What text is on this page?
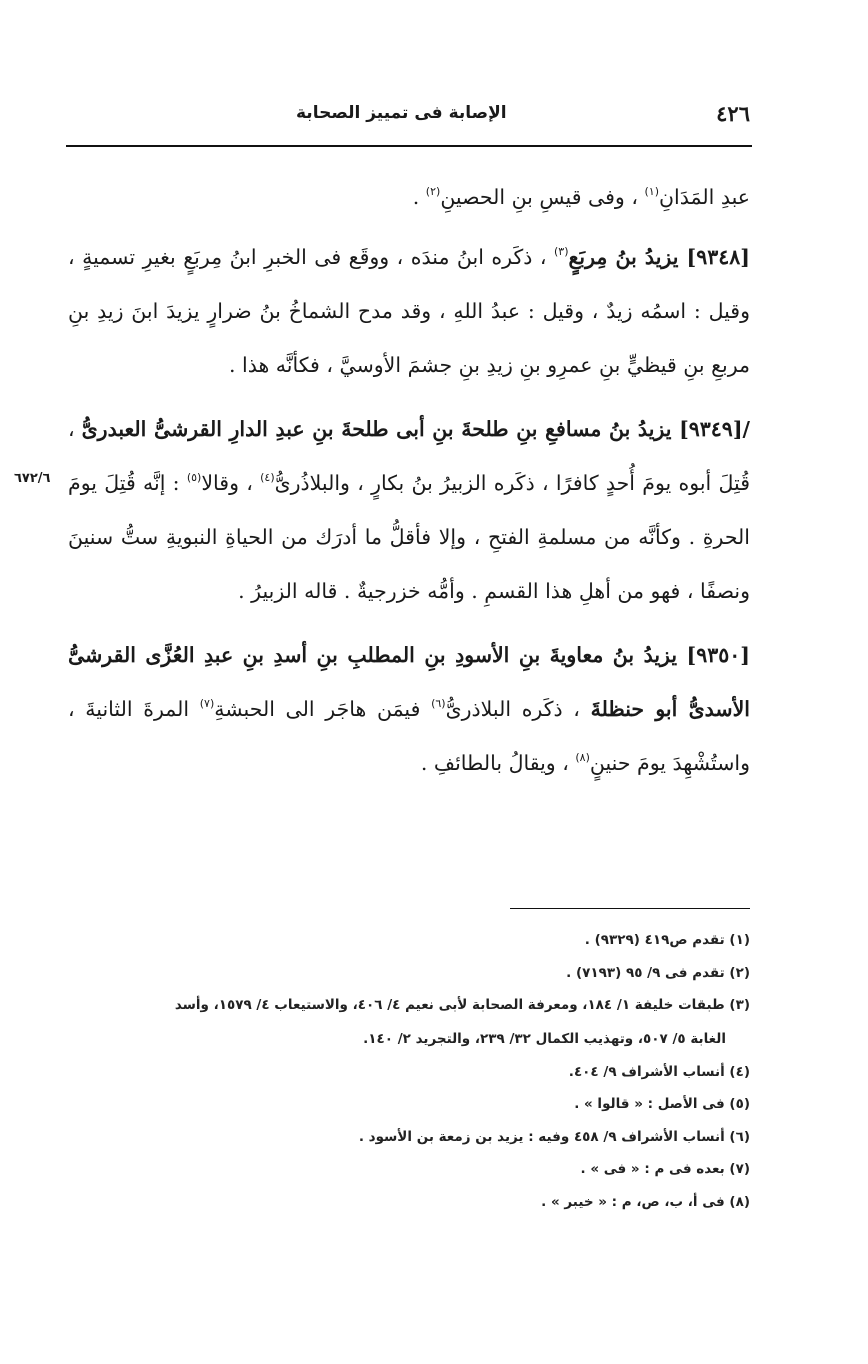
٤٢٦
الإصابة فى تمييز الصحابة
٦٧٢/٦

عبدِ المَدَانِ$^{(١)}$ ، وفى قيسِ بنِ الحصينِ$^{(٢)}$ .

[٩٣٤٨] يزيدُ بنُ مِربَعٍ$^{(٣)}$ ، ذكَره ابنُ مندَه ، ووقَع فى الخبرِ ابنُ مِربَعٍ بغيرِ تسميةٍ ، وقيل : اسمُه زيدٌ ، وقيل : عبدُ اللهِ ، وقد مدح الشماخُ بنُ ضرارٍ يزيدَ ابنَ زيدِ بنِ مربعِ بنِ قيظيٍّ بنِ عمرِو بنِ زيدِ بنِ جشمَ الأوسيَّ ، فكأنَّه هذا .

/[٩٣٤٩] يزيدُ بنُ مسافعِ بنِ طلحةَ بنِ أبى طلحةَ بنِ عبدِ الدارِ القرشىُّ العبدرىُّ ، قُتِلَ أبوه يومَ أُحدٍ كافرًا ، ذكَره الزبيرُ بنُ بكارٍ ، والبلاذُرىُّ$^{(٤)}$ ، وقالا$^{(٥)}$ : إنَّه قُتِلَ يومَ الحرةِ . وكأنَّه من مسلمةِ الفتحِ ، وإلا فأقلُّ ما أدرَك من الحياةِ النبويةِ ستُّ سنينَ ونصفًا ، فهو من أهلِ هذا القسمِ . وأمُّه خزرجيةٌ . قاله الزبيرُ .

[٩٣٥٠] يزيدُ بنُ معاويةَ بنِ الأسودِ بنِ المطلبِ بنِ أسدِ بنِ عبدِ العُزَّى القرشىُّ الأسدىُّ أبو حنظلةَ ، ذكَره البلاذرىُّ$^{(٦)}$ فيمَن هاجَر الى الحبشةِ$^{(٧)}$ المرةَ الثانيةَ ، واستُشْهِدَ يومَ حنينٍ$^{(٨)}$ ، ويقالُ بالطائفِ .

(١) تقدم ص٤١٩ (٩٣٢٩) .
(٢) تقدم فى ٩/ ٩٥ (٧١٩٣) .
(٣) طبقات خليفة ١/ ١٨٤، ومعرفة الصحابة لأبى نعيم ٤/ ٤٠٦، والاستيعاب ٤/ ١٥٧٩، وأسد
الغابة ٥/ ٥٠٧، وتهذيب الكمال ٣٢/ ٢٣٩، والتجريد ٢/ ١٤٠.
(٤) أنساب الأشراف ٩/ ٤٠٤.
(٥) فى الأصل : « قالوا » .
(٦) أنساب الأشراف ٩/ ٤٥٨ وفيه : يزيد بن زمعة بن الأسود .
(٧) بعده فى م : « فى » .
(٨) فى أ، ب، ص، م : « خيبر » .
